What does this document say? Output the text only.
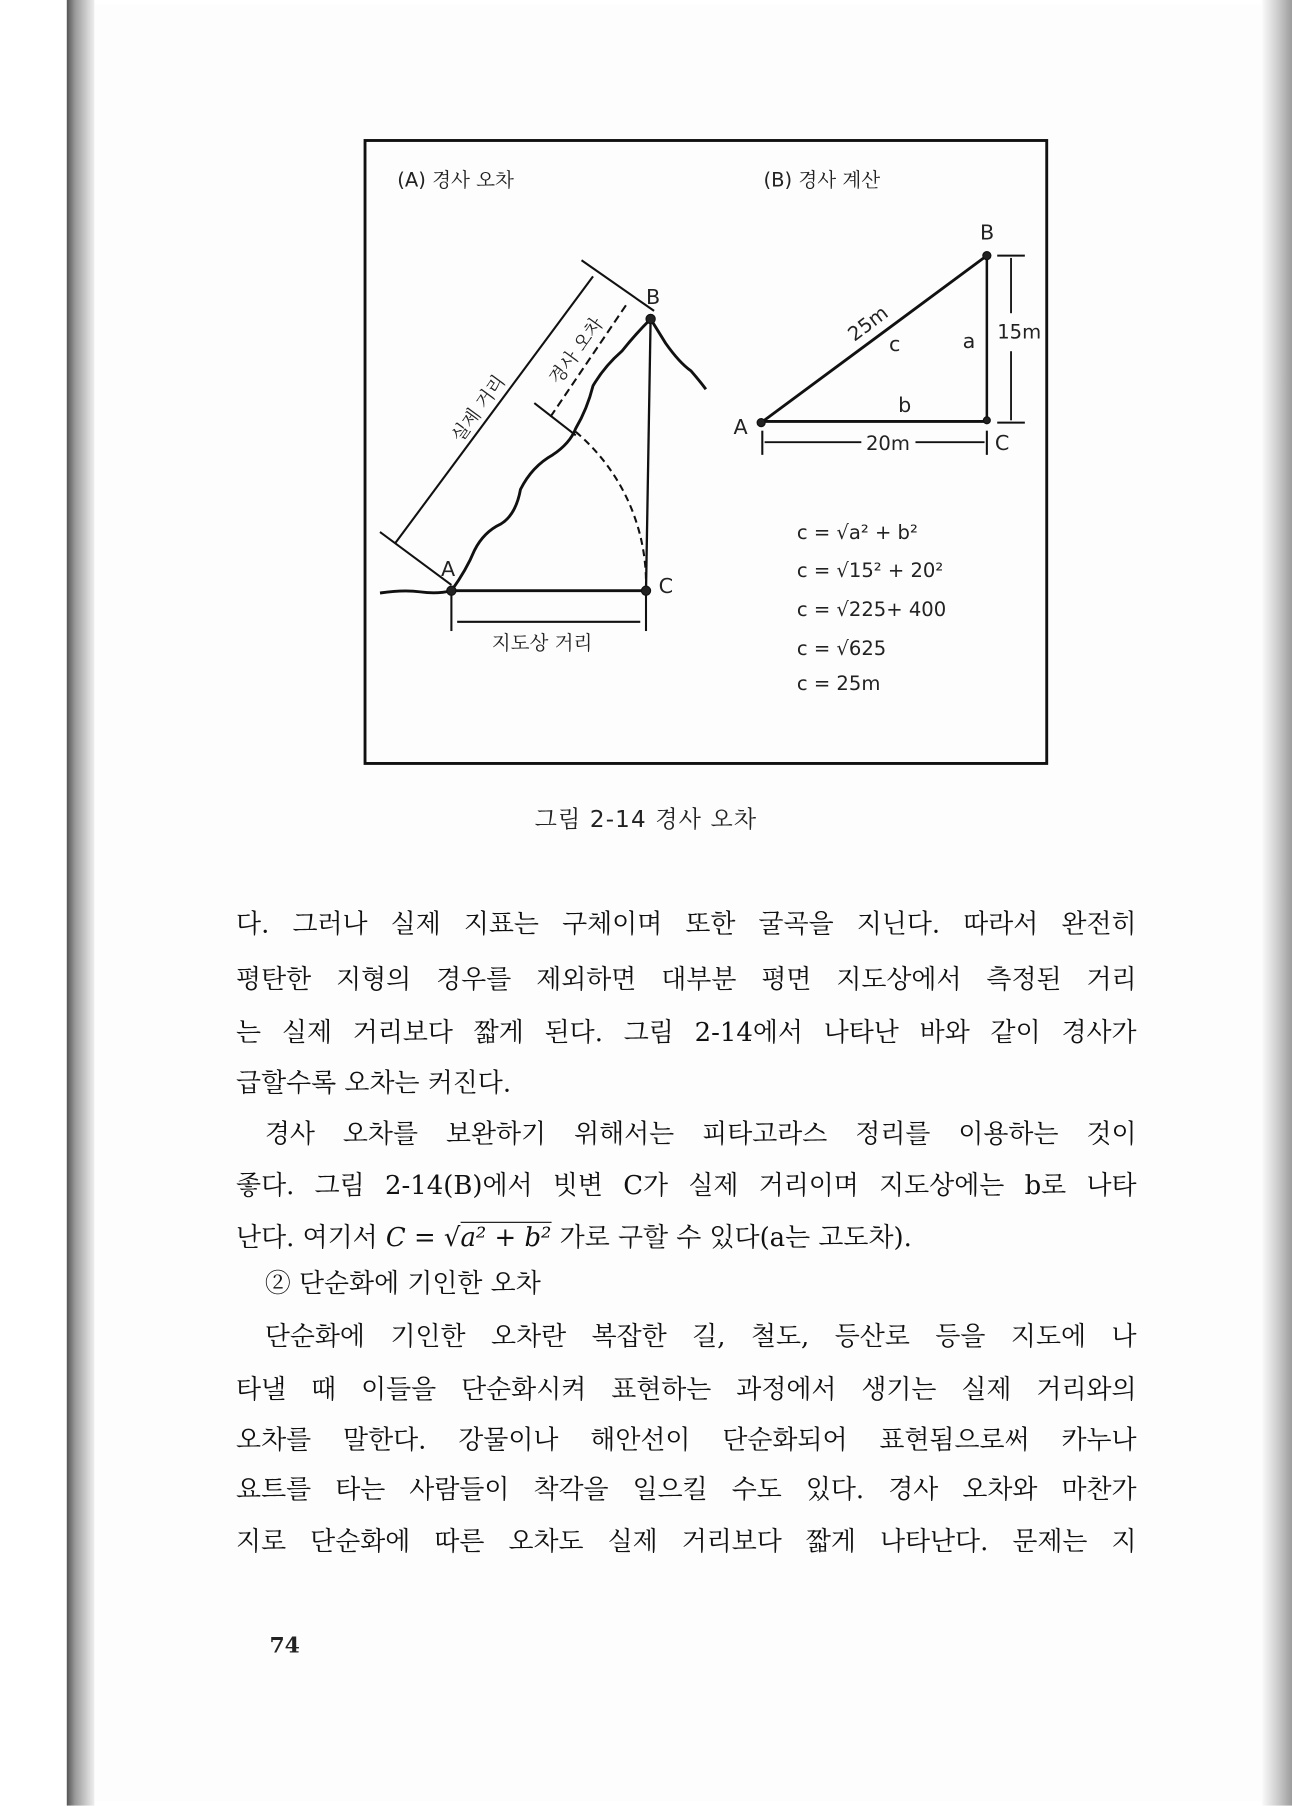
(A) 경사 오차	(B) 경사 계산
A
B
C
실제 거리
경사 오차
지도상 거리
B
A
C
25m
c	a
b
15m
20m
c = √a² + b²
c = √15² + 20²
c = √225+ 400
c = √625
c = 25m
그림 2-14 경사 오차
다. 그러나 실제 지표는 구체이며 또한 굴곡을 지닌다. 따라서 완전히
평탄한 지형의 경우를 제외하면 대부분 평면 지도상에서 측정된 거리
는 실제 거리보다 짧게 된다. 그림 2-14에서 나타난 바와 같이 경사가
급할수록 오차는 커진다.
경사 오차를 보완하기 위해서는 피타고라스 정리를 이용하는 것이
좋다. 그림 2-14(B)에서 빗변 C가 실제 거리이며 지도상에는 b로 나타
난다. 여기서 C = √a² + b² 가로 구할 수 있다(a는 고도차).
② 단순화에 기인한 오차
단순화에 기인한 오차란 복잡한 길, 철도, 등산로 등을 지도에 나
타낼 때 이들을 단순화시켜 표현하는 과정에서 생기는 실제 거리와의
오차를 말한다. 강물이나 해안선이 단순화되어 표현됨으로써 카누나
요트를 타는 사람들이 착각을 일으킬 수도 있다. 경사 오차와 마찬가
지로 단순화에 따른 오차도 실제 거리보다 짧게 나타난다. 문제는 지
74
